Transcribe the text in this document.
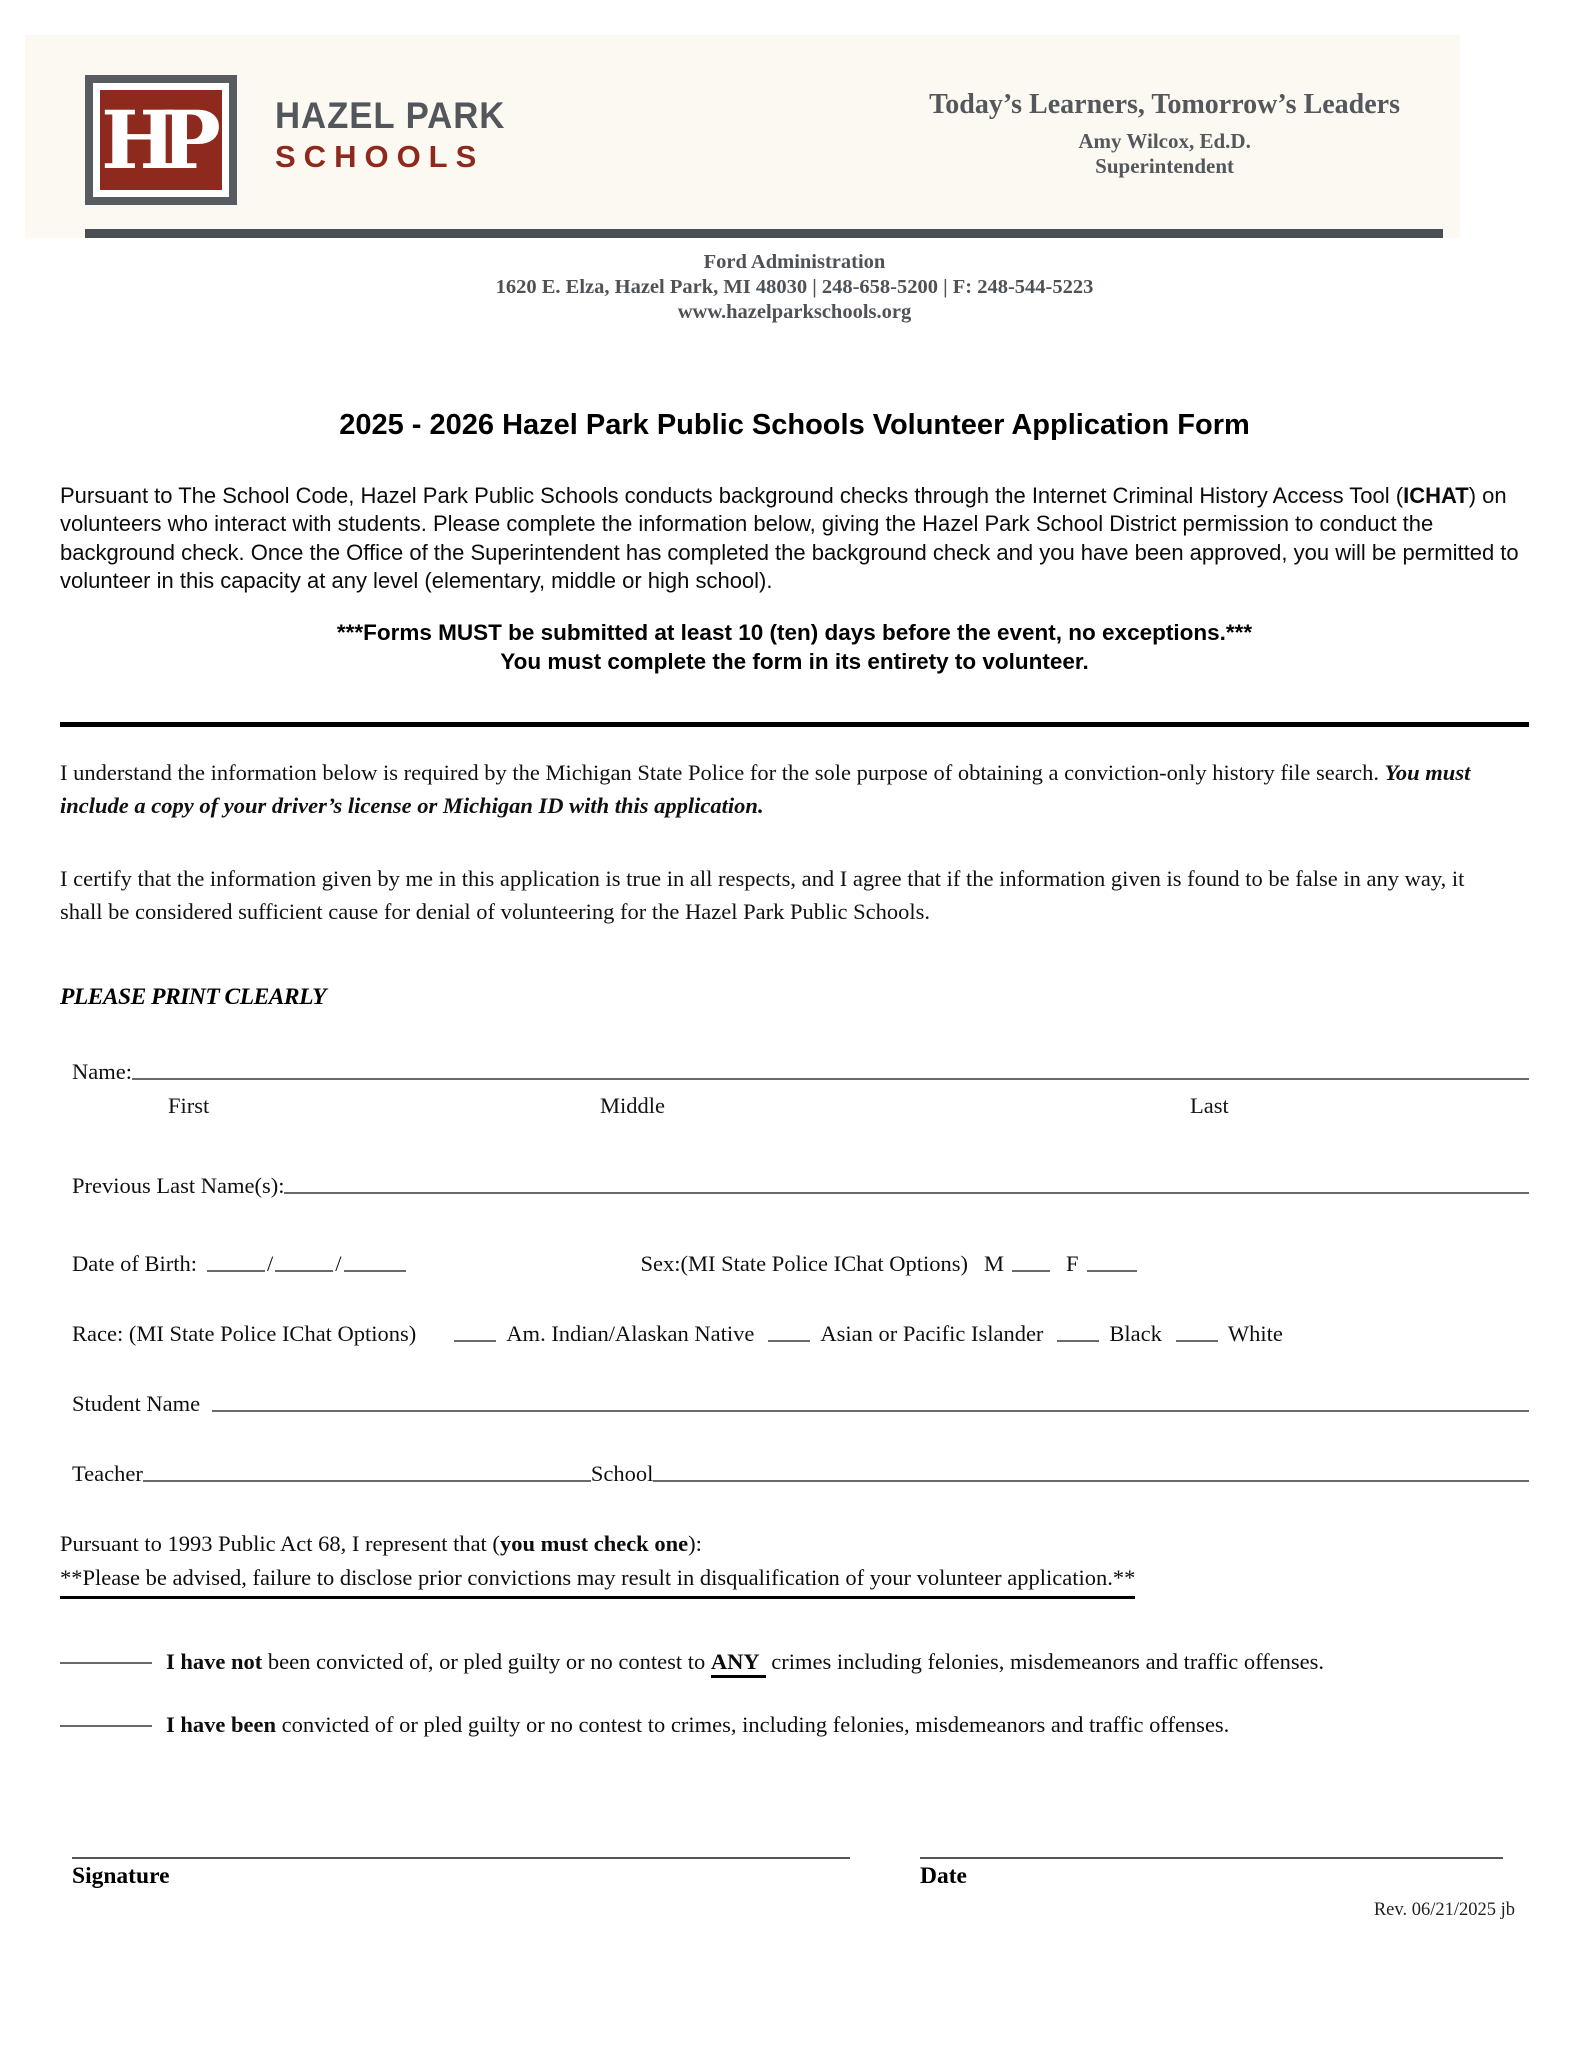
HP	HAZEL PARK
SCHOOLS
Today’s Learners, Tomorrow’s Leaders
Amy Wilcox, Ed.D.
Superintendent
Ford Administration
1620 E. Elza, Hazel Park, MI 48030 | 248-658-5200 | F: 248-544-5223
www.hazelparkschools.org
2025 - 2026 Hazel Park Public Schools Volunteer Application Form

Pursuant to The School Code, Hazel Park Public Schools conducts background checks through the Internet Criminal History Access Tool (ICHAT) on volunteers who interact with students. Please complete the information below, giving the Hazel Park School District permission to conduct the background check. Once the Office of the Superintendent has completed the background check and you have been approved, you will be permitted to volunteer in this capacity at any level (elementary, middle or high school).

***Forms MUST be submitted at least 10 (ten) days before the event, no exceptions.***
You must complete the form in its entirety to volunteer.

I understand the information below is required by the Michigan State Police for the sole purpose of obtaining a conviction-only history file search. You must include a copy of your driver’s license or Michigan ID with this application.

I certify that the information given by me in this application is true in all respects, and I agree that if the information given is found to be false in any way, it shall be considered sufficient cause for denial of volunteering for the Hazel Park Public Schools.

PLEASE PRINT CLEARLY
Name:
First	Middle	Last
Previous Last Name(s):
Date of Birth:	/	/	Sex:(MI State Police IChat Options) M	F
Race: (MI State Police IChat Options)	Am. Indian/Alaskan Native	Asian or Pacific Islander	Black	White
Student Name
Teacher	School

Pursuant to 1993 Public Act 68, I represent that (you must check one):
**Please be advised, failure to disclose prior convictions may result in disqualification of your volunteer application.**

I have not been convicted of, or pled guilty or no contest to ANY crimes including felonies, misdemeanors and traffic offenses.

I have been convicted of or pled guilty or no contest to crimes, including felonies, misdemeanors and traffic offenses.

Signature	Date
Rev. 06/21/2025 jb
